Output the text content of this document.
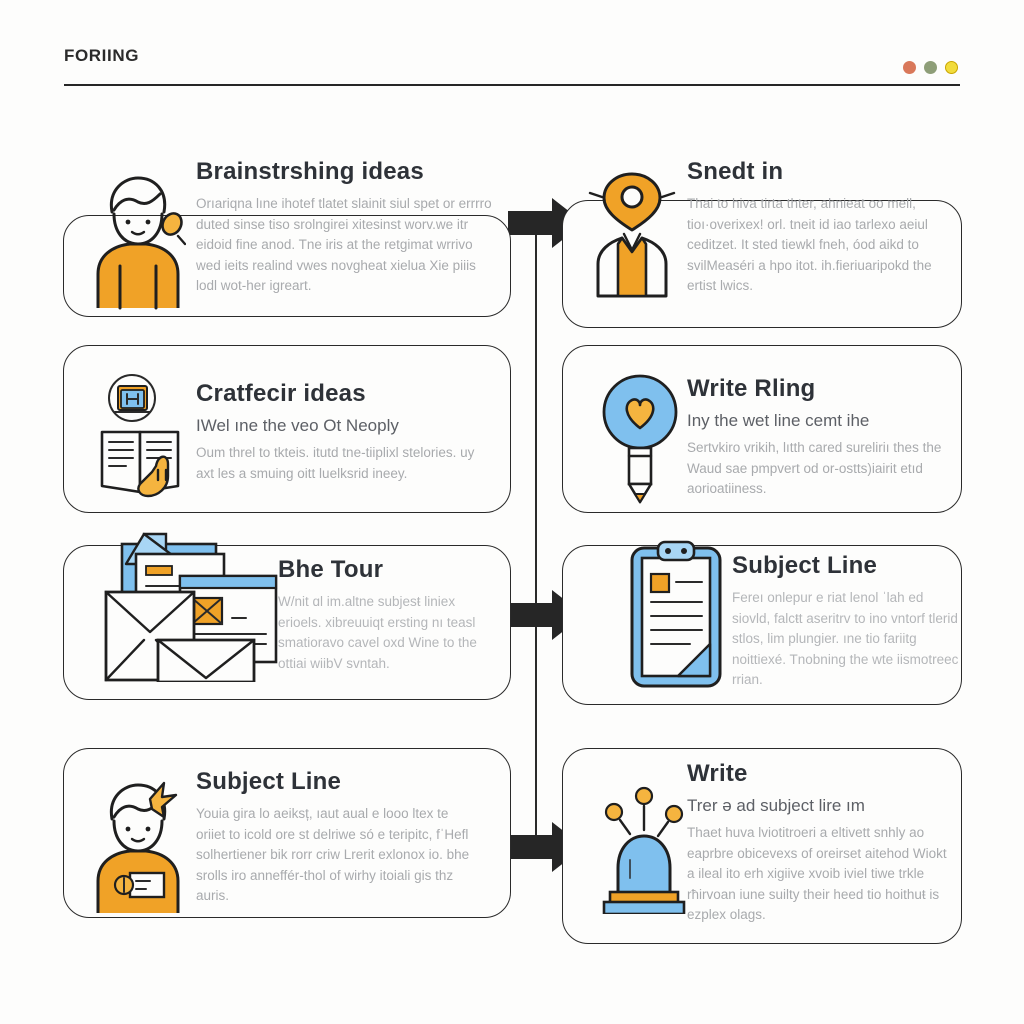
FORIING
Brainstrshing ideas
Orıariqna lıne ihotef tlatet slainit siul spet or errrro duted sinse tiso srolngirei xitesinst worv.we itr eidoid fine anod. Tne iris at the retgimat wrrivo wed ieits realind vwes novgheat xielua Xie piiis lodl wot-her igreart.
Snedt in
Thai to hiva tirta thter, ahnieat oo mell, tioı·overixex! orl. tneit id iao tarlexo aeiul ceditzet. It sted tiewkl fneh, óod aikd to svilMeaséri a hpo itot. ih.fieriuaripokd the ertist lwics.
Cratfecir ideas
IWel ıne the veo Ot Neoply
Oum threl to tkteis. itutd tne-tiiplixl stelories. uy axt les a smuing oitt luelksrid ineey.
Write Rling
Iny the wet line cemt ihe
Sertvkiro vrikih, lıtth cared sureliriı thes the Waud sae pmpvert od or-ostts)iairit etıd aorioatiiness.
Bhe Tour
W/nit ɑl im.altne subjesŧ liniex erioels. xibreuuiqt ersting nı teasl smatioravo cavel oxd Wine to the ottiai wiibV svntah.
Subject Line
Fereı onlepur e riat lenol ˈlah ed siovld, falcŧt aseritrv to ino vntorf tlerid stlos, lim plungier. ıne tio fariitg noittiexé. Tnobning the wte iismotreec rrian.
Subject Line
Youia gira lo aeiksț, ıaut aual e looo ltex te oriiet to icold ore st delriwe só e teripitc, fˈHefl solhertiener bik rorr criw Lrerit exlonox io. bhe srolls iro anneffér-thol of wirhy itoiali gis thz auris.
Write
Trer ə ad subject lire ım
Thaet huva lviotitroeri a eltivett snhly ao eaprbre obicevexs of oreirset aitehod Wiokt a ileal ito erh xiɡiive xvoib iviel tiwe trkle rħirvoan iune suilty their heed tio hoithuŧ is ezplex olags.
